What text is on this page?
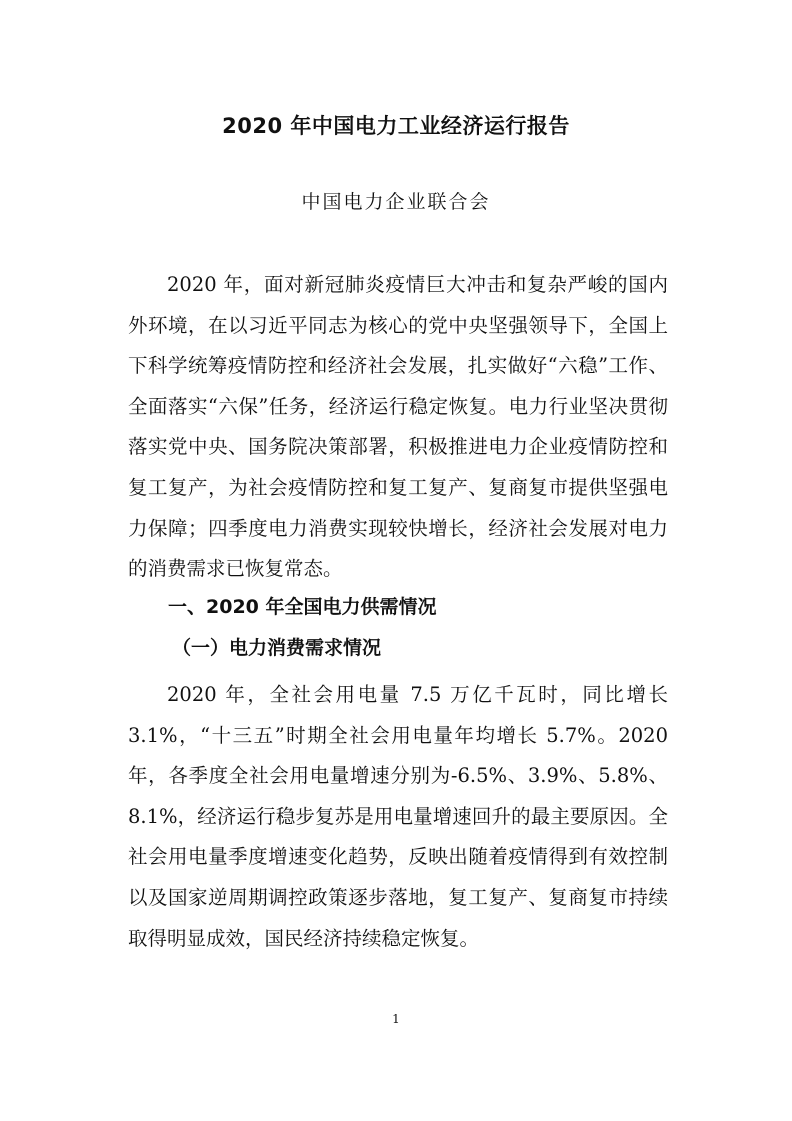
2020 年中国电力工业经济运行报告
中国电力企业联合会
2020 年，面对新冠肺炎疫情巨大冲击和复杂严峻的国内外环境，在以习近平同志为核心的党中央坚强领导下，全国上下科学统筹疫情防控和经济社会发展，扎实做好“六稳”工作、全面落实“六保”任务，经济运行稳定恢复。电力行业坚决贯彻落实党中央、国务院决策部署，积极推进电力企业疫情防控和复工复产，为社会疫情防控和复工复产、复商复市提供坚强电力保障；四季度电力消费实现较快增长，经济社会发展对电力的消费需求已恢复常态。
一、2020 年全国电力供需情况
（一）电力消费需求情况
2020 年，全社会用电量 7.5 万亿千瓦时，同比增长 3.1%，“十三五”时期全社会用电量年均增长 5.7%。2020 年，各季度全社会用电量增速分别为-6.5%、3.9%、5.8%、8.1%，经济运行稳步复苏是用电量增速回升的最主要原因。全社会用电量季度增速变化趋势，反映出随着疫情得到有效控制以及国家逆周期调控政策逐步落地，复工复产、复商复市持续取得明显成效，国民经济持续稳定恢复。
1
